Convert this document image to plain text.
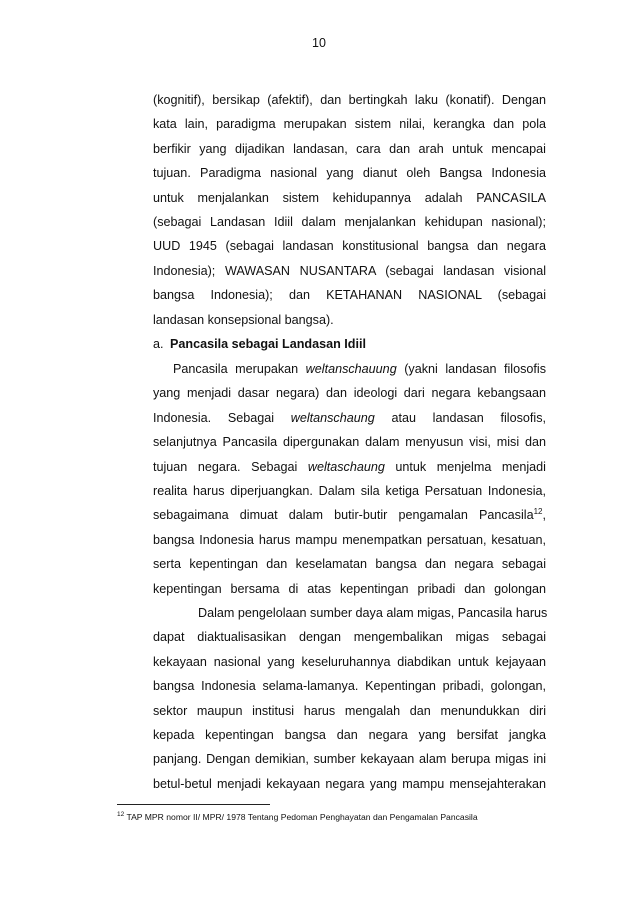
10
(kognitif), bersikap (afektif), dan bertingkah laku (konatif). Dengan
kata lain, paradigma merupakan sistem nilai, kerangka dan pola
berfikir yang dijadikan landasan, cara dan arah untuk mencapai
tujuan. Paradigma nasional yang dianut oleh Bangsa Indonesia
untuk menjalankan sistem kehidupannya adalah PANCASILA
(sebagai Landasan Idiil dalam menjalankan kehidupan nasional);
UUD 1945 (sebagai landasan konstitusional bangsa dan negara
Indonesia); WAWASAN NUSANTARA (sebagai landasan visional
bangsa Indonesia); dan KETAHANAN NASIONAL (sebagai
landasan konsepsional bangsa).
a. Pancasila sebagai Landasan Idiil
Pancasila merupakan weltanschauung (yakni landasan filosofis
yang menjadi dasar negara) dan ideologi dari negara kebangsaan
Indonesia. Sebagai weltanschaung atau landasan filosofis,
selanjutnya Pancasila dipergunakan dalam menyusun visi, misi dan
tujuan negara. Sebagai weltaschaung untuk menjelma menjadi
realita harus diperjuangkan. Dalam sila ketiga Persatuan Indonesia,
sebagaimana dimuat dalam butir-butir pengamalan Pancasila$^{12}$,
bangsa Indonesia harus mampu menempatkan persatuan, kesatuan,
serta kepentingan dan keselamatan bangsa dan negara sebagai
kepentingan bersama di atas kepentingan pribadi dan golongan
Dalam pengelolaan sumber daya alam migas, Pancasila harus
dapat diaktualisasikan dengan mengembalikan migas sebagai
kekayaan nasional yang keseluruhannya diabdikan untuk kejayaan
bangsa Indonesia selama-lamanya. Kepentingan pribadi, golongan,
sektor maupun institusi harus mengalah dan menundukkan diri
kepada kepentingan bangsa dan negara yang bersifat jangka
panjang. Dengan demikian, sumber kekayaan alam berupa migas ini
betul-betul menjadi kekayaan negara yang mampu mensejahterakan
$^{12}$ TAP MPR nomor II/ MPR/ 1978 Tentang Pedoman Penghayatan dan Pengamalan Pancasila
